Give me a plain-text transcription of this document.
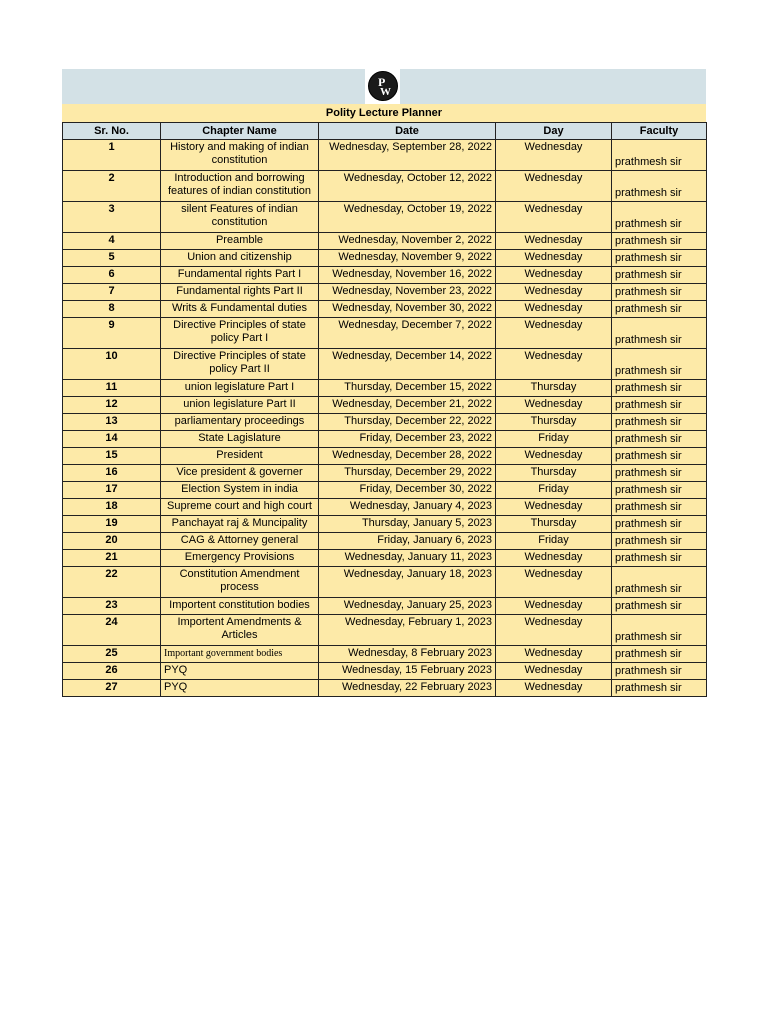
P
W
Polity Lecture Planner
Sr. No.	Chapter Name	Date	Day	Faculty
1	History and making of indian constitution	Wednesday, September 28, 2022	Wednesday	prathmesh sir
2	Introduction and borrowing features of indian constitution	Wednesday, October 12, 2022	Wednesday	prathmesh sir
3	silent Features of indian constitution	Wednesday, October 19, 2022	Wednesday	prathmesh sir
4	Preamble	Wednesday, November 2, 2022	Wednesday	prathmesh sir
5	Union and citizenship	Wednesday, November 9, 2022	Wednesday	prathmesh sir
6	Fundamental rights Part I	Wednesday, November 16, 2022	Wednesday	prathmesh sir
7	Fundamental rights Part II	Wednesday, November 23, 2022	Wednesday	prathmesh sir
8	Writs & Fundamental duties	Wednesday, November 30, 2022	Wednesday	prathmesh sir
9	Directive Principles of state policy Part I	Wednesday, December 7, 2022	Wednesday	prathmesh sir
10	Directive Principles of state policy Part II	Wednesday, December 14, 2022	Wednesday	prathmesh sir
11	union legislature Part I	Thursday, December 15, 2022	Thursday	prathmesh sir
12	union legislature Part II	Wednesday, December 21, 2022	Wednesday	prathmesh sir
13	parliamentary proceedings	Thursday, December 22, 2022	Thursday	prathmesh sir
14	State Lagislature	Friday, December 23, 2022	Friday	prathmesh sir
15	President	Wednesday, December 28, 2022	Wednesday	prathmesh sir
16	Vice president & governer	Thursday, December 29, 2022	Thursday	prathmesh sir
17	Election System in india	Friday, December 30, 2022	Friday	prathmesh sir
18	Supreme court and high court	Wednesday, January 4, 2023	Wednesday	prathmesh sir
19	Panchayat raj & Muncipality	Thursday, January 5, 2023	Thursday	prathmesh sir
20	CAG & Attorney general	Friday, January 6, 2023	Friday	prathmesh sir
21	Emergency Provisions	Wednesday, January 11, 2023	Wednesday	prathmesh sir
22	Constitution Amendment process	Wednesday, January 18, 2023	Wednesday	prathmesh sir
23	Importent constitution bodies	Wednesday, January 25, 2023	Wednesday	prathmesh sir
24	Importent Amendments & Articles	Wednesday, February 1, 2023	Wednesday	prathmesh sir
25	Important government bodies	Wednesday, 8 February 2023	Wednesday	prathmesh sir
26	PYQ	Wednesday, 15 February 2023	Wednesday	prathmesh sir
27	PYQ	Wednesday, 22 February 2023	Wednesday	prathmesh sir
